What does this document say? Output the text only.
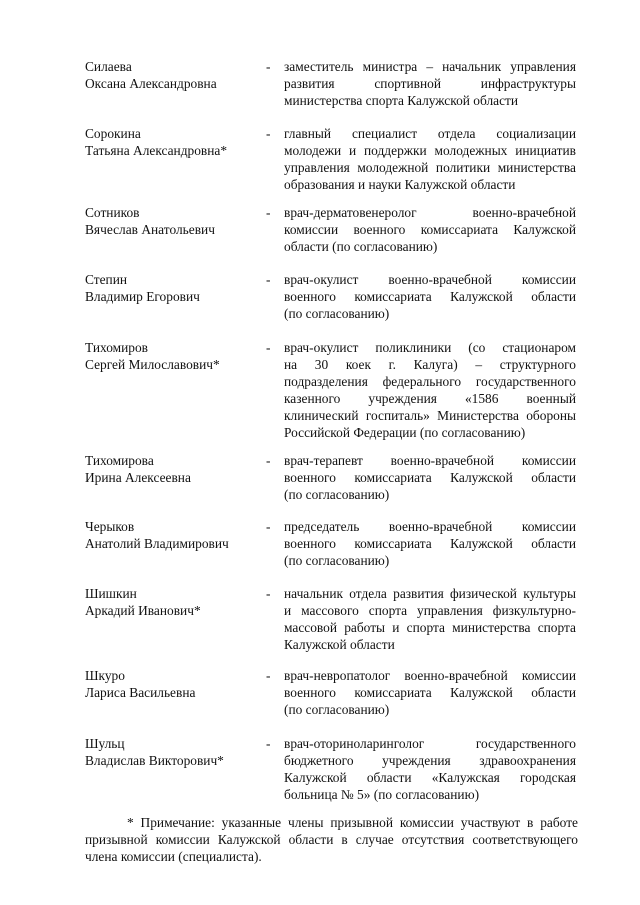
Силаева
Оксана Александровна
- заместитель министра – начальник управления
развития спортивной инфраструктуры
министерства спорта Калужской области
Сорокина
Татьяна Александровна*
- главный специалист отдела социализации
молодежи и поддержки молодежных инициатив
управления молодежной политики министерства
образования и науки Калужской области
Сотников
Вячеслав Анатольевич
- врач-дерматовенеролог военно-врачебной
комиссии военного комиссариата Калужской
области (по согласованию)
Степин
Владимир Егорович
- врач-окулист военно-врачебной комиссии
военного комиссариата Калужской области
(по согласованию)
Тихомиров
Сергей Милославович*
- врач-окулист поликлиники (со стационаром
на 30 коек г. Калуга) – структурного
подразделения федерального государственного
казенного учреждения «1586 военный
клинический госпиталь» Министерства обороны
Российской Федерации (по согласованию)
Тихомирова
Ирина Алексеевна
- врач-терапевт военно-врачебной комиссии
военного комиссариата Калужской области
(по согласованию)
Черыков
Анатолий Владимирович
- председатель военно-врачебной комиссии
военного комиссариата Калужской области
(по согласованию)
Шишкин
Аркадий Иванович*
- начальник отдела развития физической культуры
и массового спорта управления физкультурно-
массовой работы и спорта министерства спорта
Калужской области
Шкуро
Лариса Васильевна
- врач-невропатолог военно-врачебной комиссии
военного комиссариата Калужской области
(по согласованию)
Шульц
Владислав Викторович*
- врач-оториноларинголог государственного
бюджетного учреждения здравоохранения
Калужской области «Калужская городская
больница № 5» (по согласованию)
* Примечание: указанные члены призывной комиссии участвуют в работе
призывной комиссии Калужской области в случае отсутствия соответствующего
члена комиссии (специалиста).
